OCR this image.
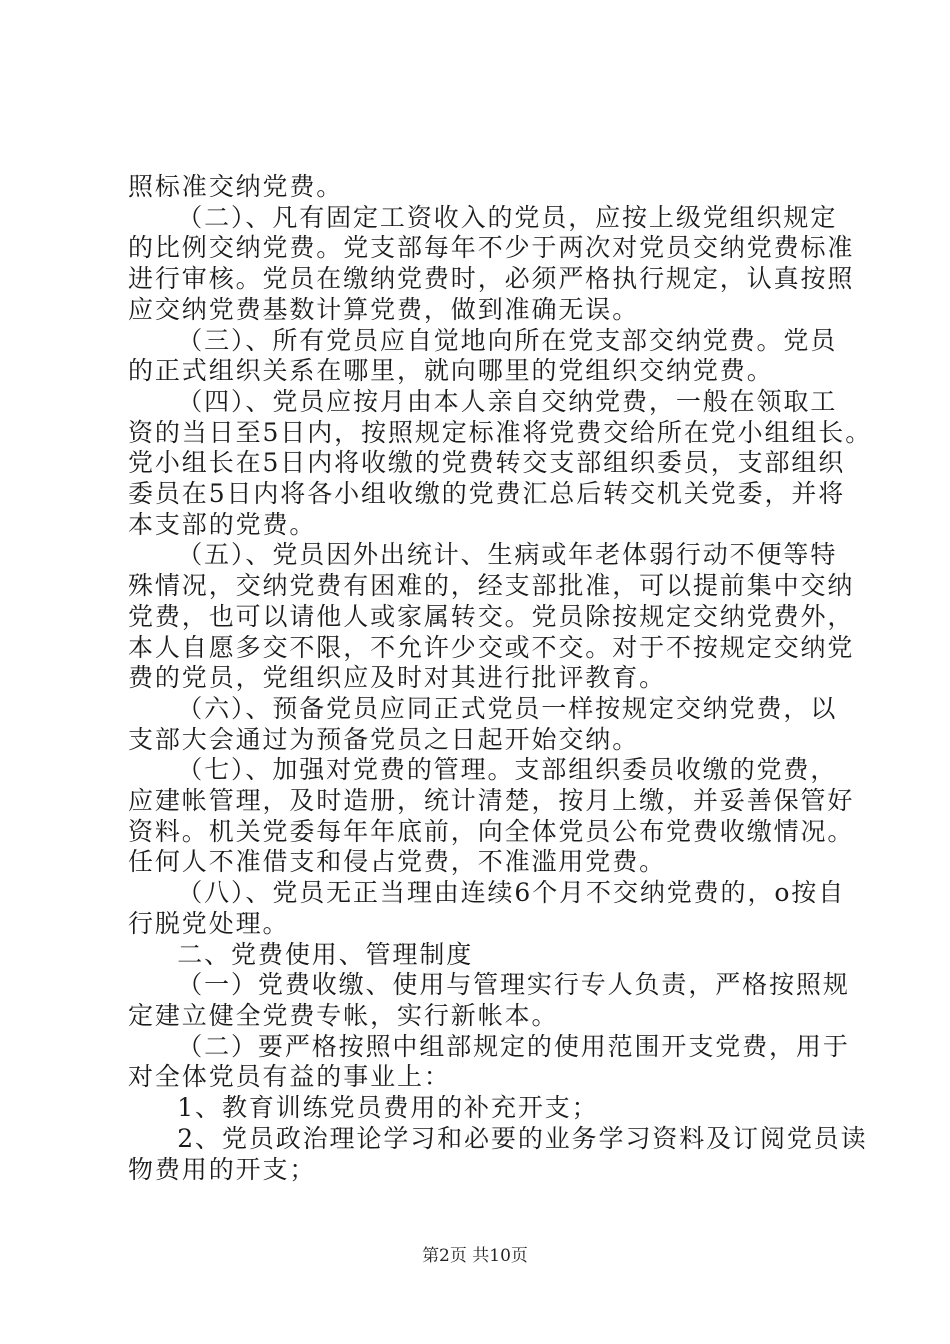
照标准交纳党费。

（二）、凡有固定工资收入的党员，应按上级党组织规定

的比例交纳党费。党支部每年不少于两次对党员交纳党费标准

进行审核。党员在缴纳党费时，必须严格执行规定，认真按照

应交纳党费基数计算党费，做到准确无误。

（三）、所有党员应自觉地向所在党支部交纳党费。党员

的正式组织关系在哪里，就向哪里的党组织交纳党费。

（四）、党员应按月由本人亲自交纳党费，一般在领取工

资的当日至5日内，按照规定标准将党费交给所在党小组组长。

党小组长在5日内将收缴的党费转交支部组织委员，支部组织

委员在5日内将各小组收缴的党费汇总后转交机关党委，并将

本支部的党费。

（五）、党员因外出统计、生病或年老体弱行动不便等特

殊情况，交纳党费有困难的，经支部批准，可以提前集中交纳

党费，也可以请他人或家属转交。党员除按规定交纳党费外，

本人自愿多交不限，不允许少交或不交。对于不按规定交纳党

费的党员，党组织应及时对其进行批评教育。

（六）、预备党员应同正式党员一样按规定交纳党费，以

支部大会通过为预备党员之日起开始交纳。

（七）、加强对党费的管理。支部组织委员收缴的党费，

应建帐管理，及时造册，统计清楚，按月上缴，并妥善保管好

资料。机关党委每年年底前，向全体党员公布党费收缴情况。

任何人不准借支和侵占党费，不准滥用党费。

（八）、党员无正当理由连续6个月不交纳党费的，o按自

行脱党处理。

二、党费使用、管理制度

（一）党费收缴、使用与管理实行专人负责，严格按照规

定建立健全党费专帐，实行新帐本。

（二）要严格按照中组部规定的使用范围开支党费，用于

对全体党员有益的事业上：

1、教育训练党员费用的补充开支；

2、党员政治理论学习和必要的业务学习资料及订阅党员读

物费用的开支；

第2页 共10页
